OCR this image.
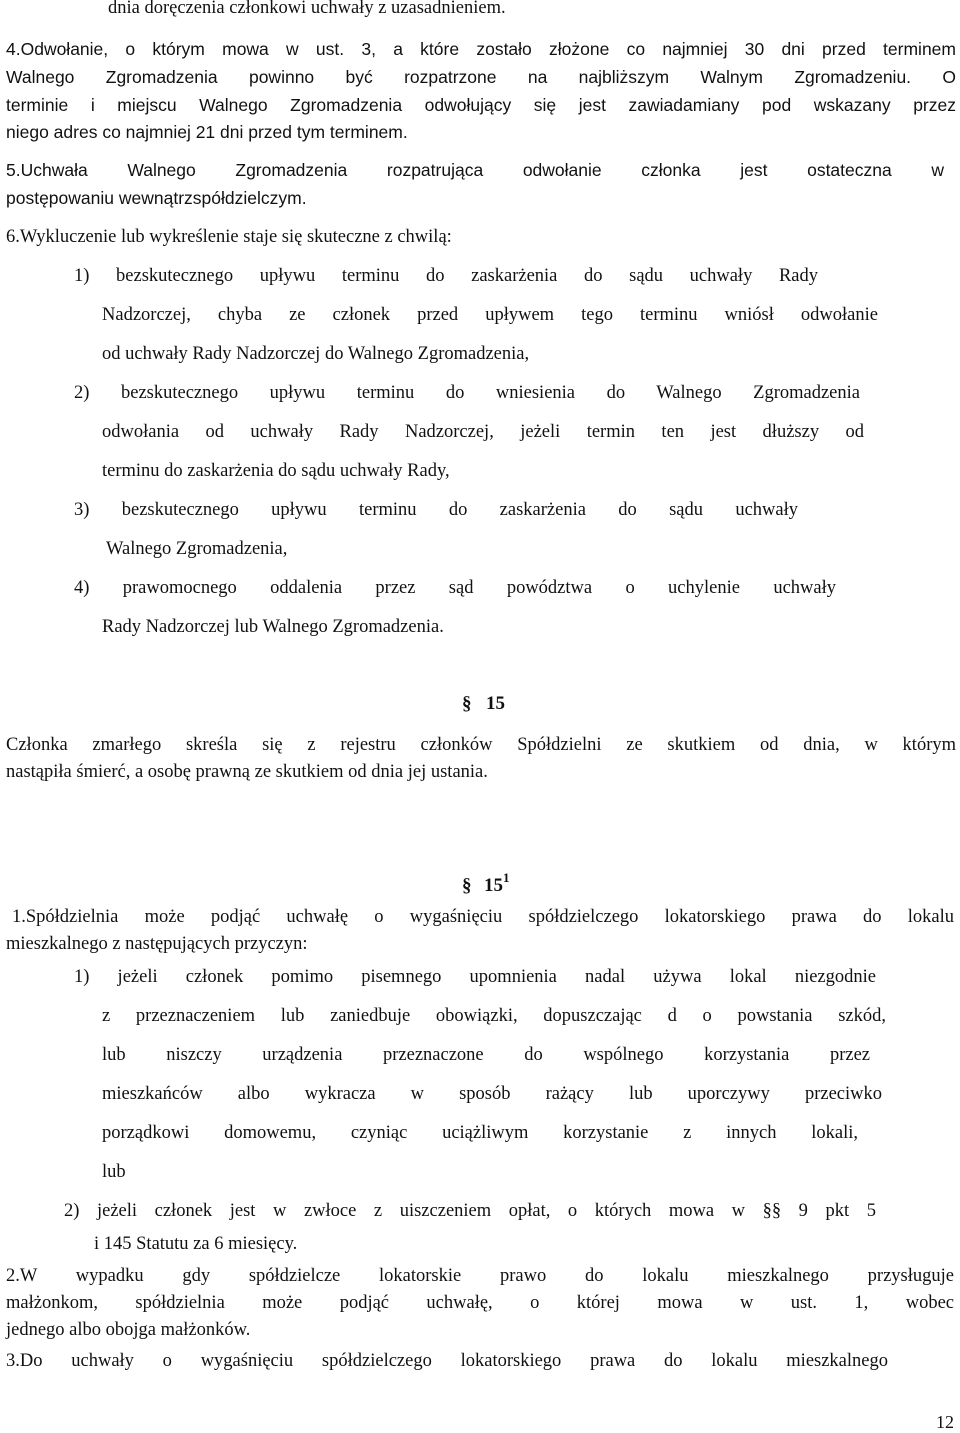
dnia doręczenia członkowi uchwały z uzasadnieniem.

4.Odwołanie, o którym mowa w ust. 3, a które zostało złożone co najmniej 30 dni przed terminem

Walnego Zgromadzenia powinno być rozpatrzone na najbliższym Walnym Zgromadzeniu. O

terminie i miejscu Walnego Zgromadzenia odwołujący się jest zawiadamiany pod wskazany przez

niego adres co najmniej 21 dni przed tym terminem.

5.Uchwała Walnego Zgromadzenia rozpatrująca odwołanie członka jest ostateczna w

postępowaniu wewnątrzspółdzielczym.

6.Wykluczenie lub wykreślenie staje się skuteczne z chwilą:

1) bezskutecznego upływu terminu do zaskarżenia do sądu uchwały Rady

Nadzorczej, chyba ze członek przed upływem tego terminu wniósł odwołanie

od uchwały Rady Nadzorczej do Walnego Zgromadzenia,

2) bezskutecznego upływu terminu do wniesienia do Walnego Zgromadzenia

odwołania od uchwały Rady Nadzorczej, jeżeli termin ten jest dłuższy od

terminu do zaskarżenia do sądu uchwały Rady,

3) bezskutecznego upływu terminu do zaskarżenia do sądu uchwały

Walnego Zgromadzenia,

4) prawomocnego oddalenia przez sąd powództwa o uchylenie uchwały

Rady Nadzorczej lub Walnego Zgromadzenia.

§ 15

Członka zmarłego skreśla się z rejestru członków Spółdzielni ze skutkiem od dnia, w którym

nastąpiła śmierć, a osobę prawną ze skutkiem od dnia jej ustania.

§ $15^1$

1.Spółdzielnia może podjąć uchwałę o wygaśnięciu spółdzielczego lokatorskiego prawa do lokalu

mieszkalnego z następujących przyczyn:

1) jeżeli członek pomimo pisemnego upomnienia nadal używa lokal niezgodnie

z przeznaczeniem lub zaniedbuje obowiązki, dopuszczając d o powstania szkód,

lub niszczy urządzenia przeznaczone do wspólnego korzystania przez

mieszkańców albo wykracza w sposób rażący lub uporczywy przeciwko

porządkowi domowemu, czyniąc uciążliwym korzystanie z innych lokali,

lub

2) jeżeli członek jest w zwłoce z uiszczeniem opłat, o których mowa w §§ 9 pkt 5

i 145 Statutu za 6 miesięcy.

2.W wypadku gdy spółdzielcze lokatorskie prawo do lokalu mieszkalnego przysługuje

małżonkom, spółdzielnia może podjąć uchwałę, o której mowa w ust. 1, wobec

jednego albo obojga małżonków.

3.Do uchwały o wygaśnięciu spółdzielczego lokatorskiego prawa do lokalu mieszkalnego

12
